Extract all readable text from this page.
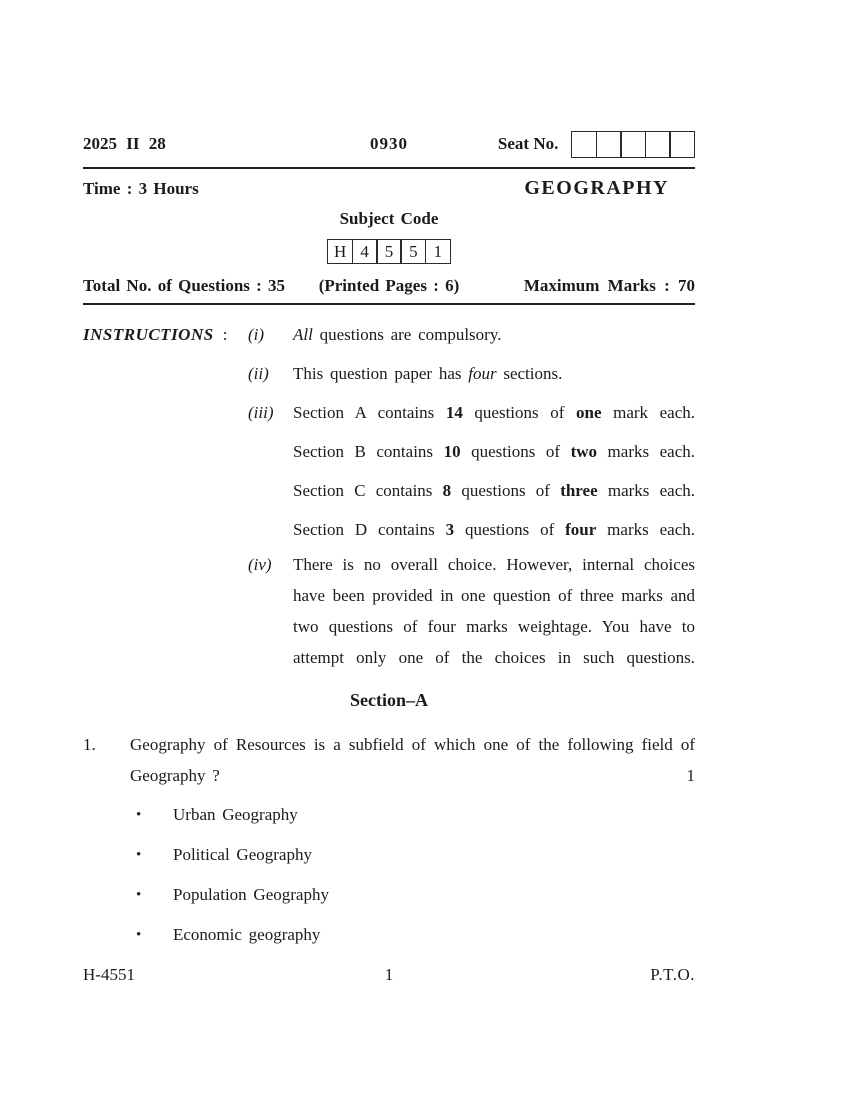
2025 II 28	0930	Seat No.
Time : 3 Hours	GEOGRAPHY
Subject Code
H 4 5 5 1
Total No. of Questions : 35	(Printed Pages : 6)	Maximum Marks : 70
INSTRUCTIONS :	(i)	All questions are compulsory.
(ii)	This question paper has four sections.
(iii)	Section A contains 14 questions of one mark each.
Section B contains 10 questions of two marks each.
Section C contains 8 questions of three marks each.
Section D contains 3 questions of four marks each.
(iv)	There is no overall choice. However, internal choices
have been provided in one question of three marks and
two questions of four marks weightage. You have to
attempt only one of the choices in such questions.
Section–A
1.	Geography of Resources is a subfield of which one of the following field of
Geography ?	1
•	Urban Geography
•	Political Geography
•	Population Geography
•	Economic geography
H-4551	1	P.T.O.
